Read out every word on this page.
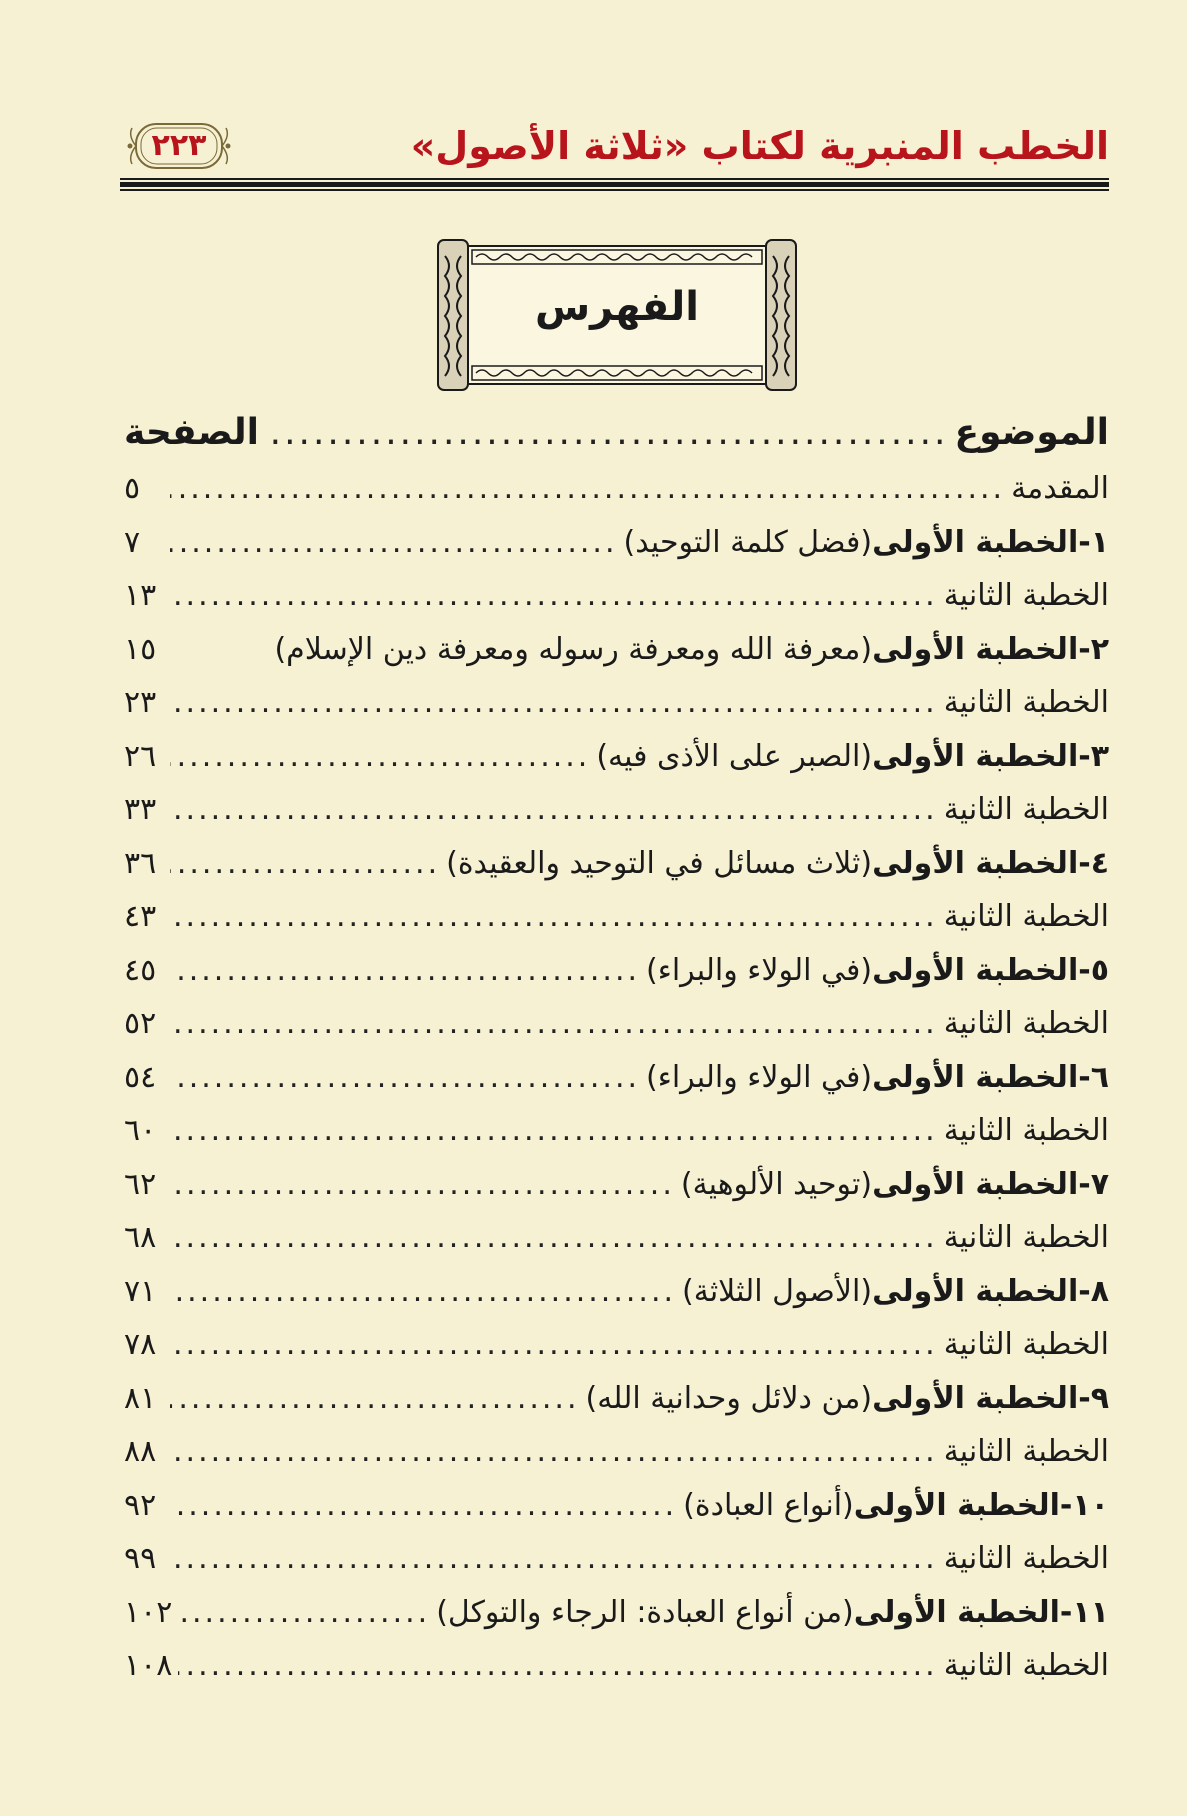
الخطب المنبرية لكتاب «ثلاثة الأصول»
٢٢٣
الفهرس
الموضوع
.....
الصفحة
المقدمة
.....
٥
١-
الخطبة الأولى
(فضل كلمة التوحيد)
.....
٧
الخطبة الثانية
.....
١٣
٢-
الخطبة الأولى
(معرفة الله ومعرفة رسوله ومعرفة دين الإسلام)
١٥
الخطبة الثانية
.....
٢٣
٣-
الخطبة الأولى
(الصبر على الأذى فيه)
.....
٢٦
الخطبة الثانية
.....
٣٣
٤-
الخطبة الأولى
(ثلاث مسائل في التوحيد والعقيدة)
.....
٣٦
الخطبة الثانية
.....
٤٣
٥-
الخطبة الأولى
(في الولاء والبراء)
.....
٤٥
الخطبة الثانية
.....
٥٢
٦-
الخطبة الأولى
(في الولاء والبراء)
.....
٥٤
الخطبة الثانية
.....
٦٠
٧-
الخطبة الأولى
(توحيد الألوهية)
.....
٦٢
الخطبة الثانية
.....
٦٨
٨-
الخطبة الأولى
(الأصول الثلاثة)
.....
٧١
الخطبة الثانية
.....
٧٨
٩-
الخطبة الأولى
(من دلائل وحدانية الله)
.....
٨١
الخطبة الثانية
.....
٨٨
١٠-
الخطبة الأولى
(أنواع العبادة)
.....
٩٢
الخطبة الثانية
.....
٩٩
١١-
الخطبة الأولى
(من أنواع العبادة: الرجاء والتوكل)
.....
١٠٢
الخطبة الثانية
.....
١٠٨
